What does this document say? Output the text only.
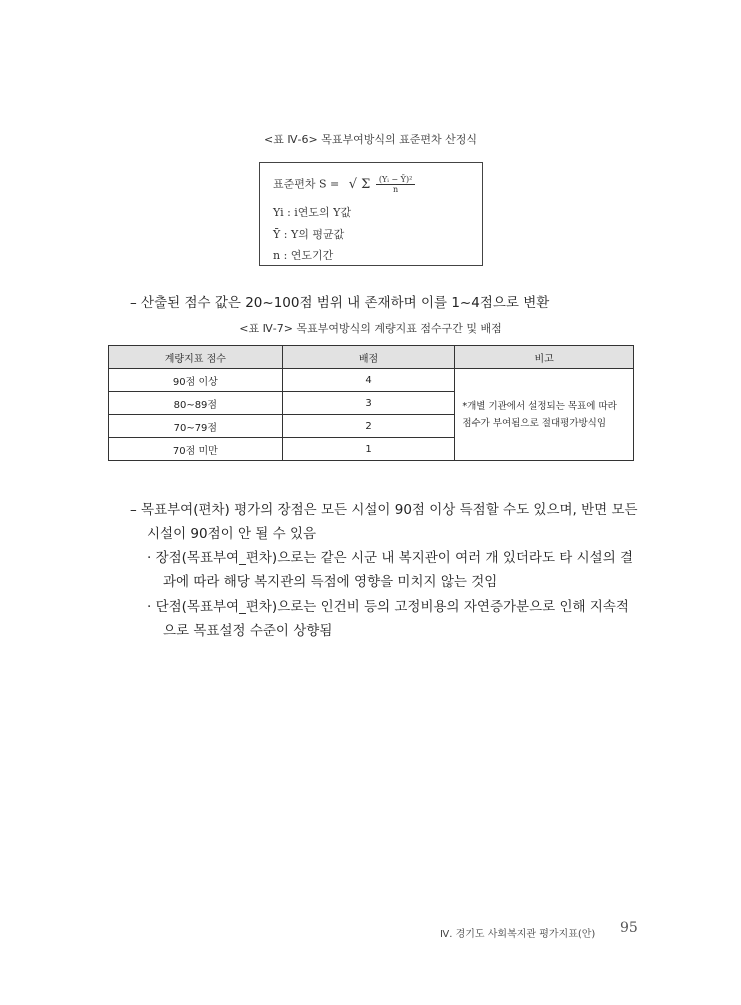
<표 Ⅳ-6> 목표부여방식의 표준편차 산정식
표준편차 S = √ Σ $\frac{\text{(Yᵢ − Ȳ)²}}{n}$
Yi : i연도의 Y값
Ȳ : Y의 평균값
n : 연도기간
– 산출된 점수 값은 20~100점 범위 내 존재하며 이를 1~4점으로 변환
<표 Ⅳ-7> 목표부여방식의 계량지표 점수구간 및 배점
계량지표 점수	배점	비고
90점 이상	4	*개별 기관에서 설정되는 목표에 따라 점수가 부여됨으로 절대평가방식임
80~89점	3	
70~79점	2	
70점 미만	1	
– 목표부여(편차) 평가의 장점은 모든 시설이 90점 이상 득점할 수도 있으며, 반면 모든
시설이 90점이 안 될 수 있음
· 장점(목표부여_편차)으로는 같은 시군 내 복지관이 여러 개 있더라도 타 시설의 결
과에 따라 해당 복지관의 득점에 영향을 미치지 않는 것임
· 단점(목표부여_편차)으로는 인건비 등의 고정비용의 자연증가분으로 인해 지속적
으로 목표설정 수준이 상향됨
Ⅳ. 경기도 사회복지관 평가지표(안) 95
